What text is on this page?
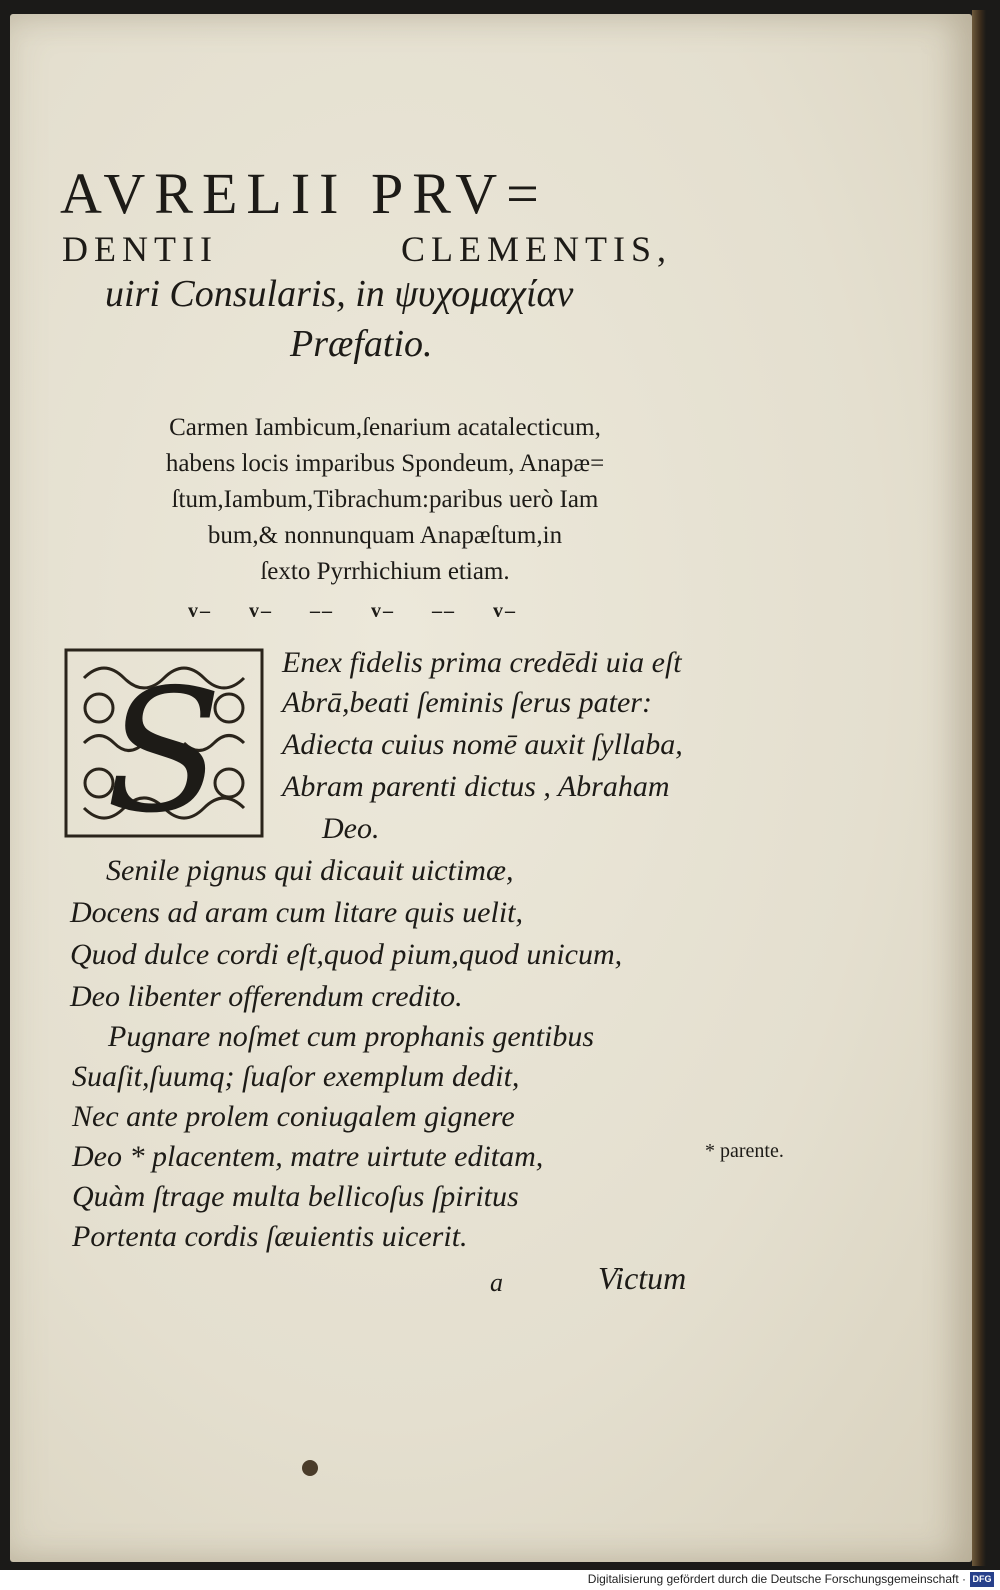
AVRELII PRV=
DENTII	CLEMENTIS,
uiri Consularis, in ψυχομαχίαν
Præfatio.
Carmen Iambicum,ſenarium acatalecticum,
habens locis imparibus Spondeum, Anapæ=
ſtum,Iambum,Tibrachum:paribus uerò Iam
bum,& nonnunquam Anapæſtum,in
ſexto Pyrrhichium etiam.
v– v– –– v– –– v–
S Enex fidelis prima credēdi uia eſt
Abrā,beati ſeminis ſerus pater:
Adiecta cuius nomē auxit ſyllaba,
Abram parenti dictus , Abraham
Deo.
Senile pignus qui dicauit uictimæ,
Docens ad aram cum litare quis uelit,
Quod dulce cordi eſt,quod pium,quod unicum,
Deo libenter offerendum credito.
Pugnare noſmet cum prophanis gentibus
Suaſit,ſuumq; ſuaſor exemplum dedit,
Nec ante prolem coniugalem gignere
Deo * placentem, matre uirtute editam,
Quàm ſtrage multa bellicoſus ſpiritus
Portenta cordis ſæuientis uicerit.
* parente.
a	Victum
Digitalisierung gefördert durch die Deutsche Forschungsgemeinschaft · DFG
